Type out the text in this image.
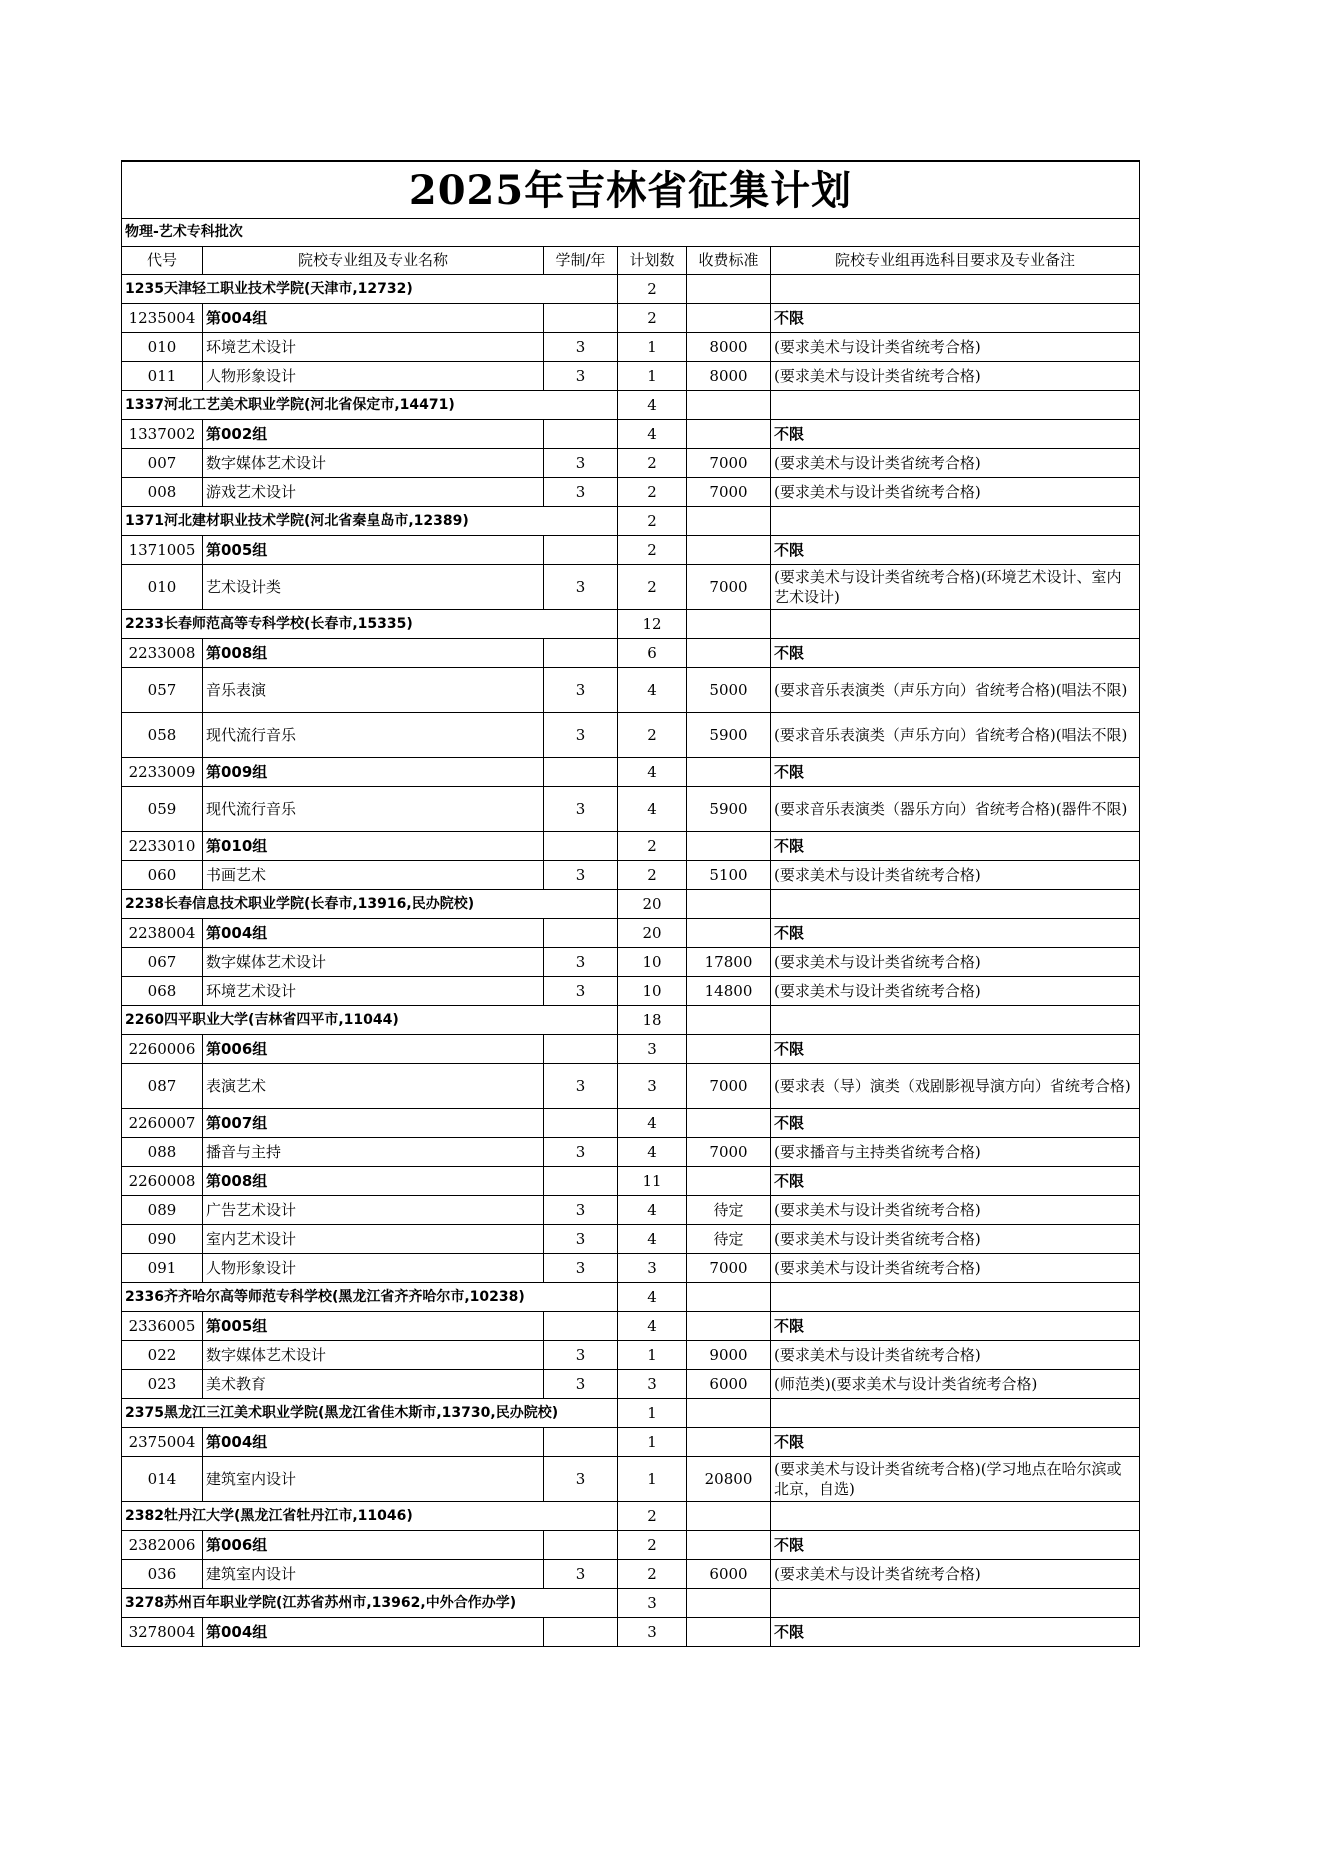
2025年吉林省征集计划					
物理-艺术专科批次					
代号	院校专业组及专业名称	学制/年	计划数	收费标准	院校专业组再选科目要求及专业备注
1235天津轻工职业技术学院(天津市,12732)			2		
1235004	第004组		2		不限
010	环境艺术设计	3	1	8000	(要求美术与设计类省统考合格)
011	人物形象设计	3	1	8000	(要求美术与设计类省统考合格)
1337河北工艺美术职业学院(河北省保定市,14471)			4		
1337002	第002组		4		不限
007	数字媒体艺术设计	3	2	7000	(要求美术与设计类省统考合格)
008	游戏艺术设计	3	2	7000	(要求美术与设计类省统考合格)
1371河北建材职业技术学院(河北省秦皇岛市,12389)			2		
1371005	第005组		2		不限
010	艺术设计类	3	2	7000	(要求美术与设计类省统考合格)(环境艺术设计、室内艺术设计)
2233长春师范高等专科学校(长春市,15335)			12		
2233008	第008组		6		不限
057	音乐表演	3	4	5000	(要求音乐表演类（声乐方向）省统考合格)(唱法不限)
058	现代流行音乐	3	2	5900	(要求音乐表演类（声乐方向）省统考合格)(唱法不限)
2233009	第009组		4		不限
059	现代流行音乐	3	4	5900	(要求音乐表演类（器乐方向）省统考合格)(器件不限)
2233010	第010组		2		不限
060	书画艺术	3	2	5100	(要求美术与设计类省统考合格)
2238长春信息技术职业学院(长春市,13916,民办院校)			20		
2238004	第004组		20		不限
067	数字媒体艺术设计	3	10	17800	(要求美术与设计类省统考合格)
068	环境艺术设计	3	10	14800	(要求美术与设计类省统考合格)
2260四平职业大学(吉林省四平市,11044)			18		
2260006	第006组		3		不限
087	表演艺术	3	3	7000	(要求表（导）演类（戏剧影视导演方向）省统考合格)
2260007	第007组		4		不限
088	播音与主持	3	4	7000	(要求播音与主持类省统考合格)
2260008	第008组		11		不限
089	广告艺术设计	3	4	待定	(要求美术与设计类省统考合格)
090	室内艺术设计	3	4	待定	(要求美术与设计类省统考合格)
091	人物形象设计	3	3	7000	(要求美术与设计类省统考合格)
2336齐齐哈尔高等师范专科学校(黑龙江省齐齐哈尔市,10238)			4		
2336005	第005组		4		不限
022	数字媒体艺术设计	3	1	9000	(要求美术与设计类省统考合格)
023	美术教育	3	3	6000	(师范类)(要求美术与设计类省统考合格)
2375黑龙江三江美术职业学院(黑龙江省佳木斯市,13730,民办院校)			1		
2375004	第004组		1		不限
014	建筑室内设计	3	1	20800	(要求美术与设计类省统考合格)(学习地点在哈尔滨或北京，自选)
2382牡丹江大学(黑龙江省牡丹江市,11046)			2		
2382006	第006组		2		不限
036	建筑室内设计	3	2	6000	(要求美术与设计类省统考合格)
3278苏州百年职业学院(江苏省苏州市,13962,中外合作办学)			3		
3278004	第004组		3		不限
